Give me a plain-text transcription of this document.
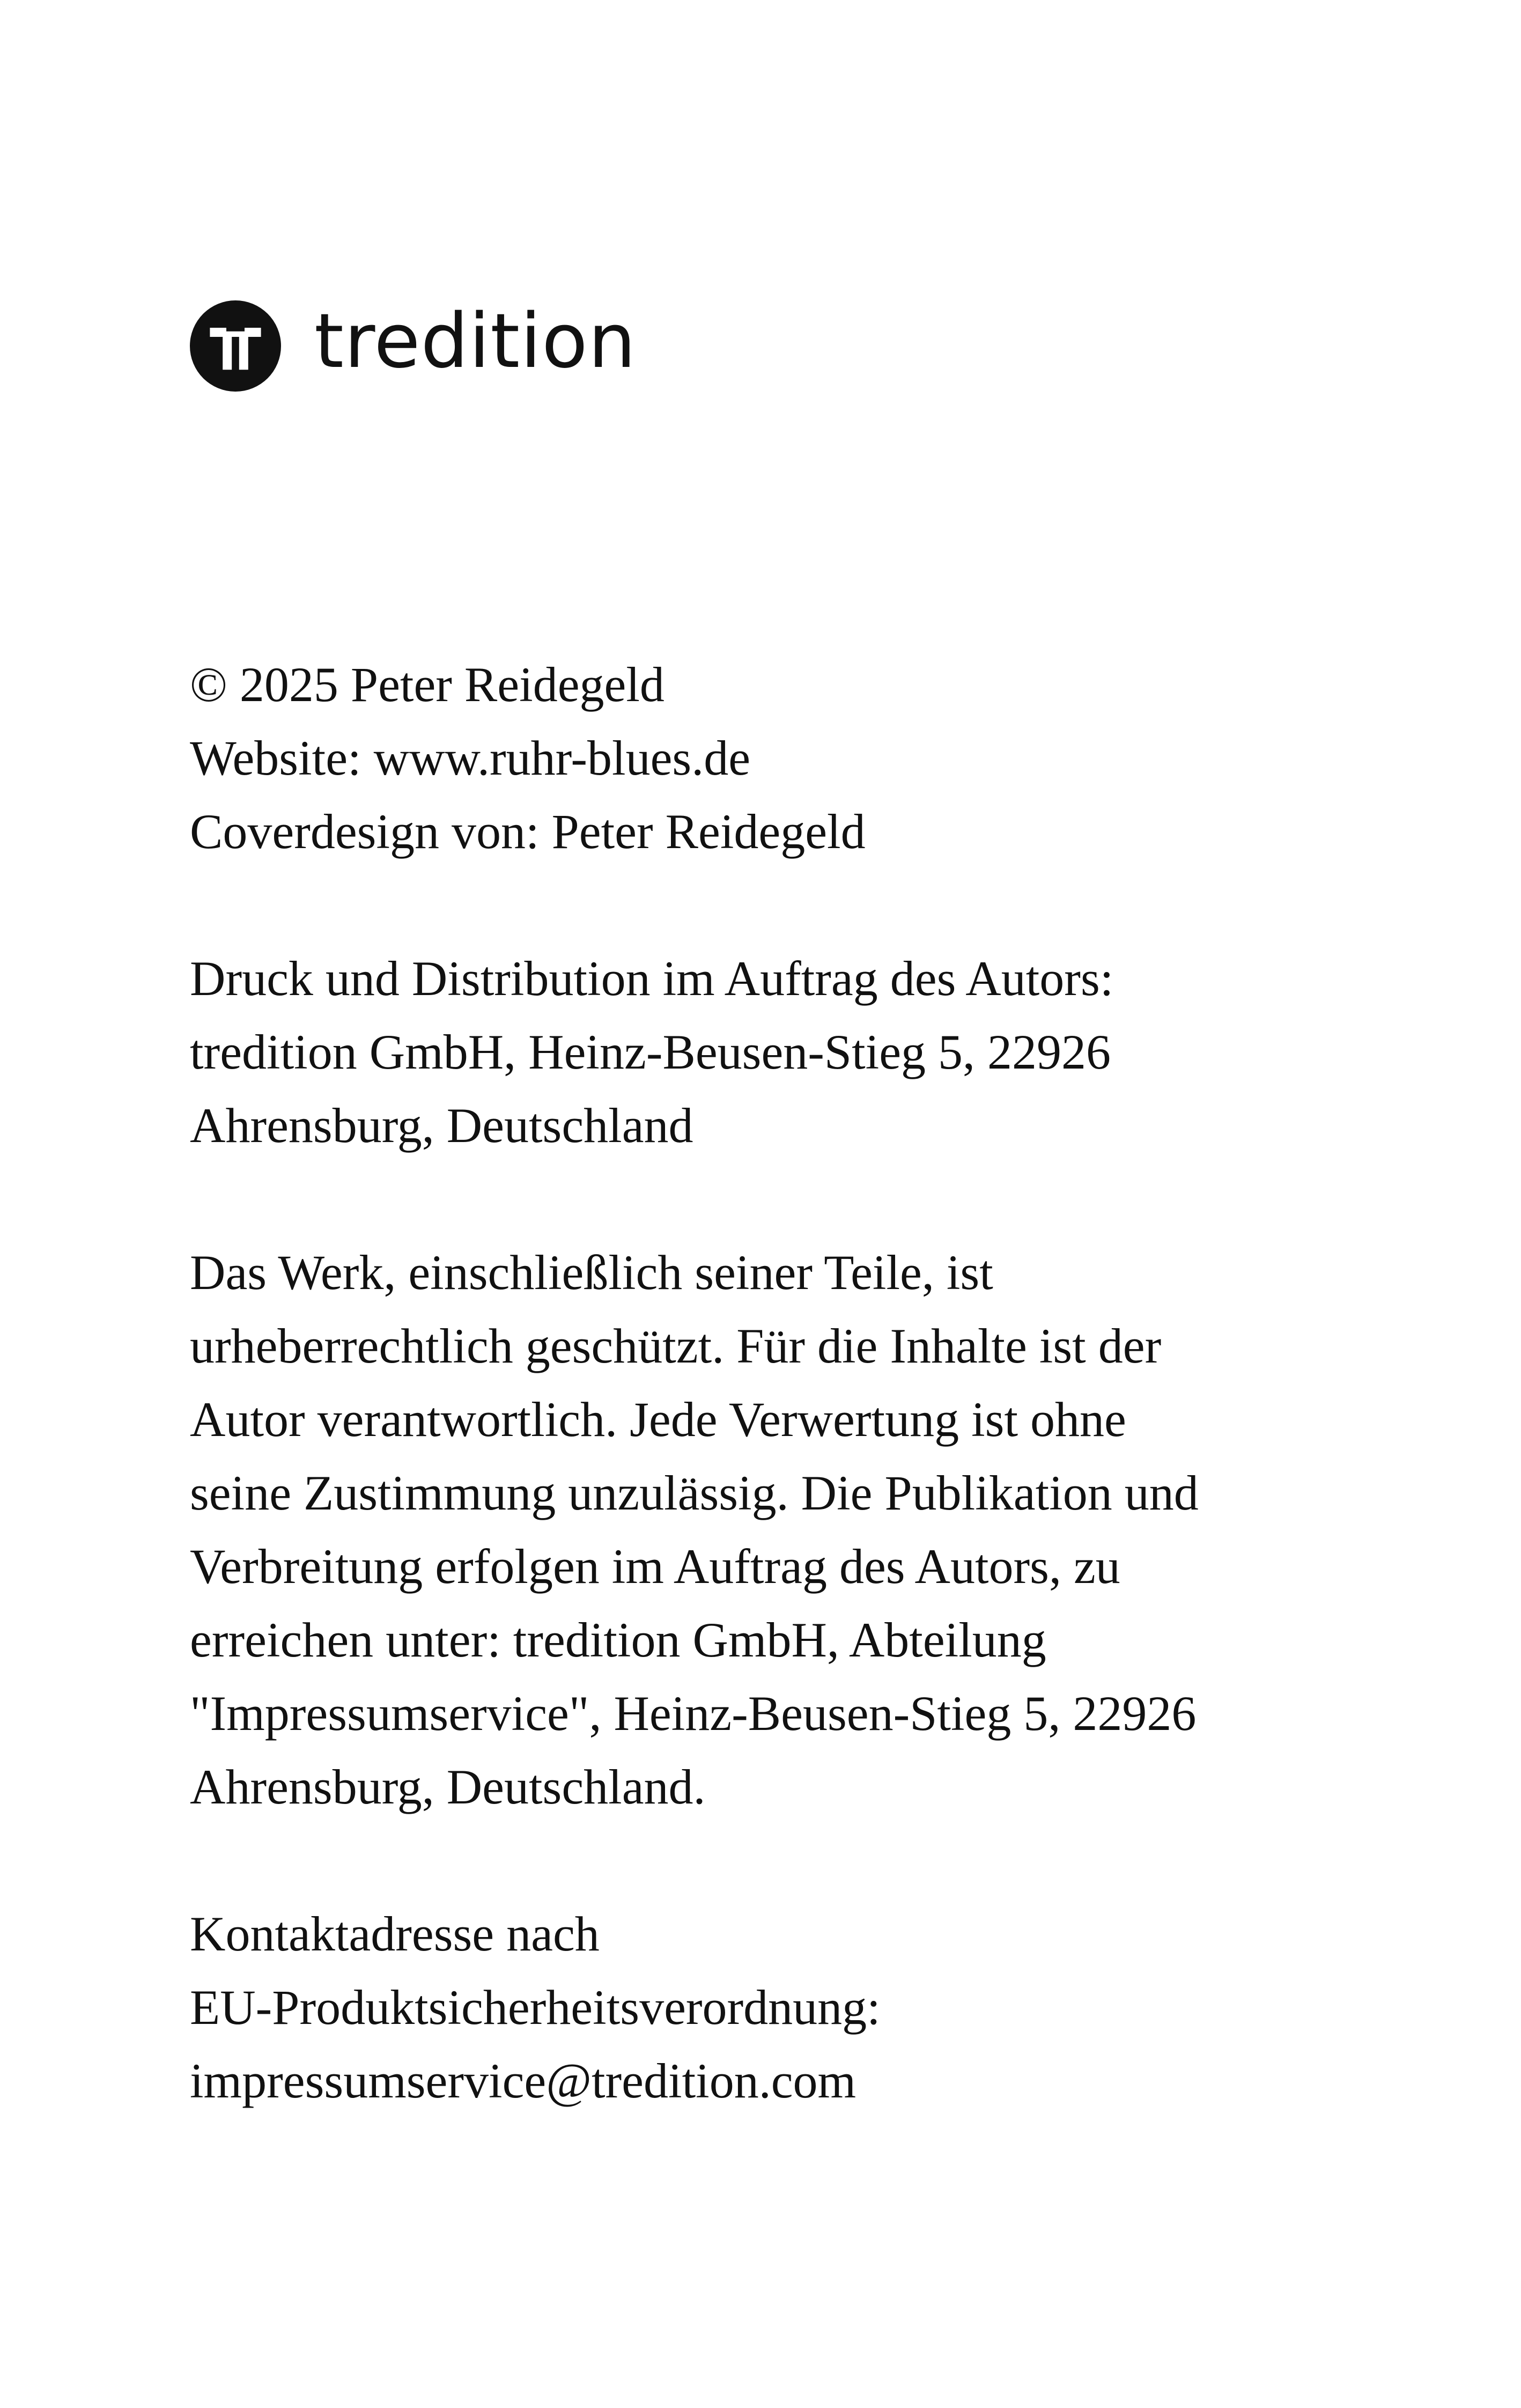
tredition
© 2025 Peter Reidegeld
Website: www.ruhr-blues.de
Coverdesign von: Peter Reidegeld
Druck und Distribution im Auftrag des Autors:
tredition GmbH, Heinz-Beusen-Stieg 5, 22926
Ahrensburg, Deutschland
Das Werk, einschließlich seiner Teile, ist
urheberrechtlich geschützt. Für die Inhalte ist der
Autor verantwortlich. Jede Verwertung ist ohne
seine Zustimmung unzulässig. Die Publikation und
Verbreitung erfolgen im Auftrag des Autors, zu
erreichen unter: tredition GmbH, Abteilung
"Impressumservice", Heinz-Beusen-Stieg 5, 22926
Ahrensburg, Deutschland.
Kontaktadresse nach
EU-Produktsicherheitsverordnung:
impressumservice@tredition.com
